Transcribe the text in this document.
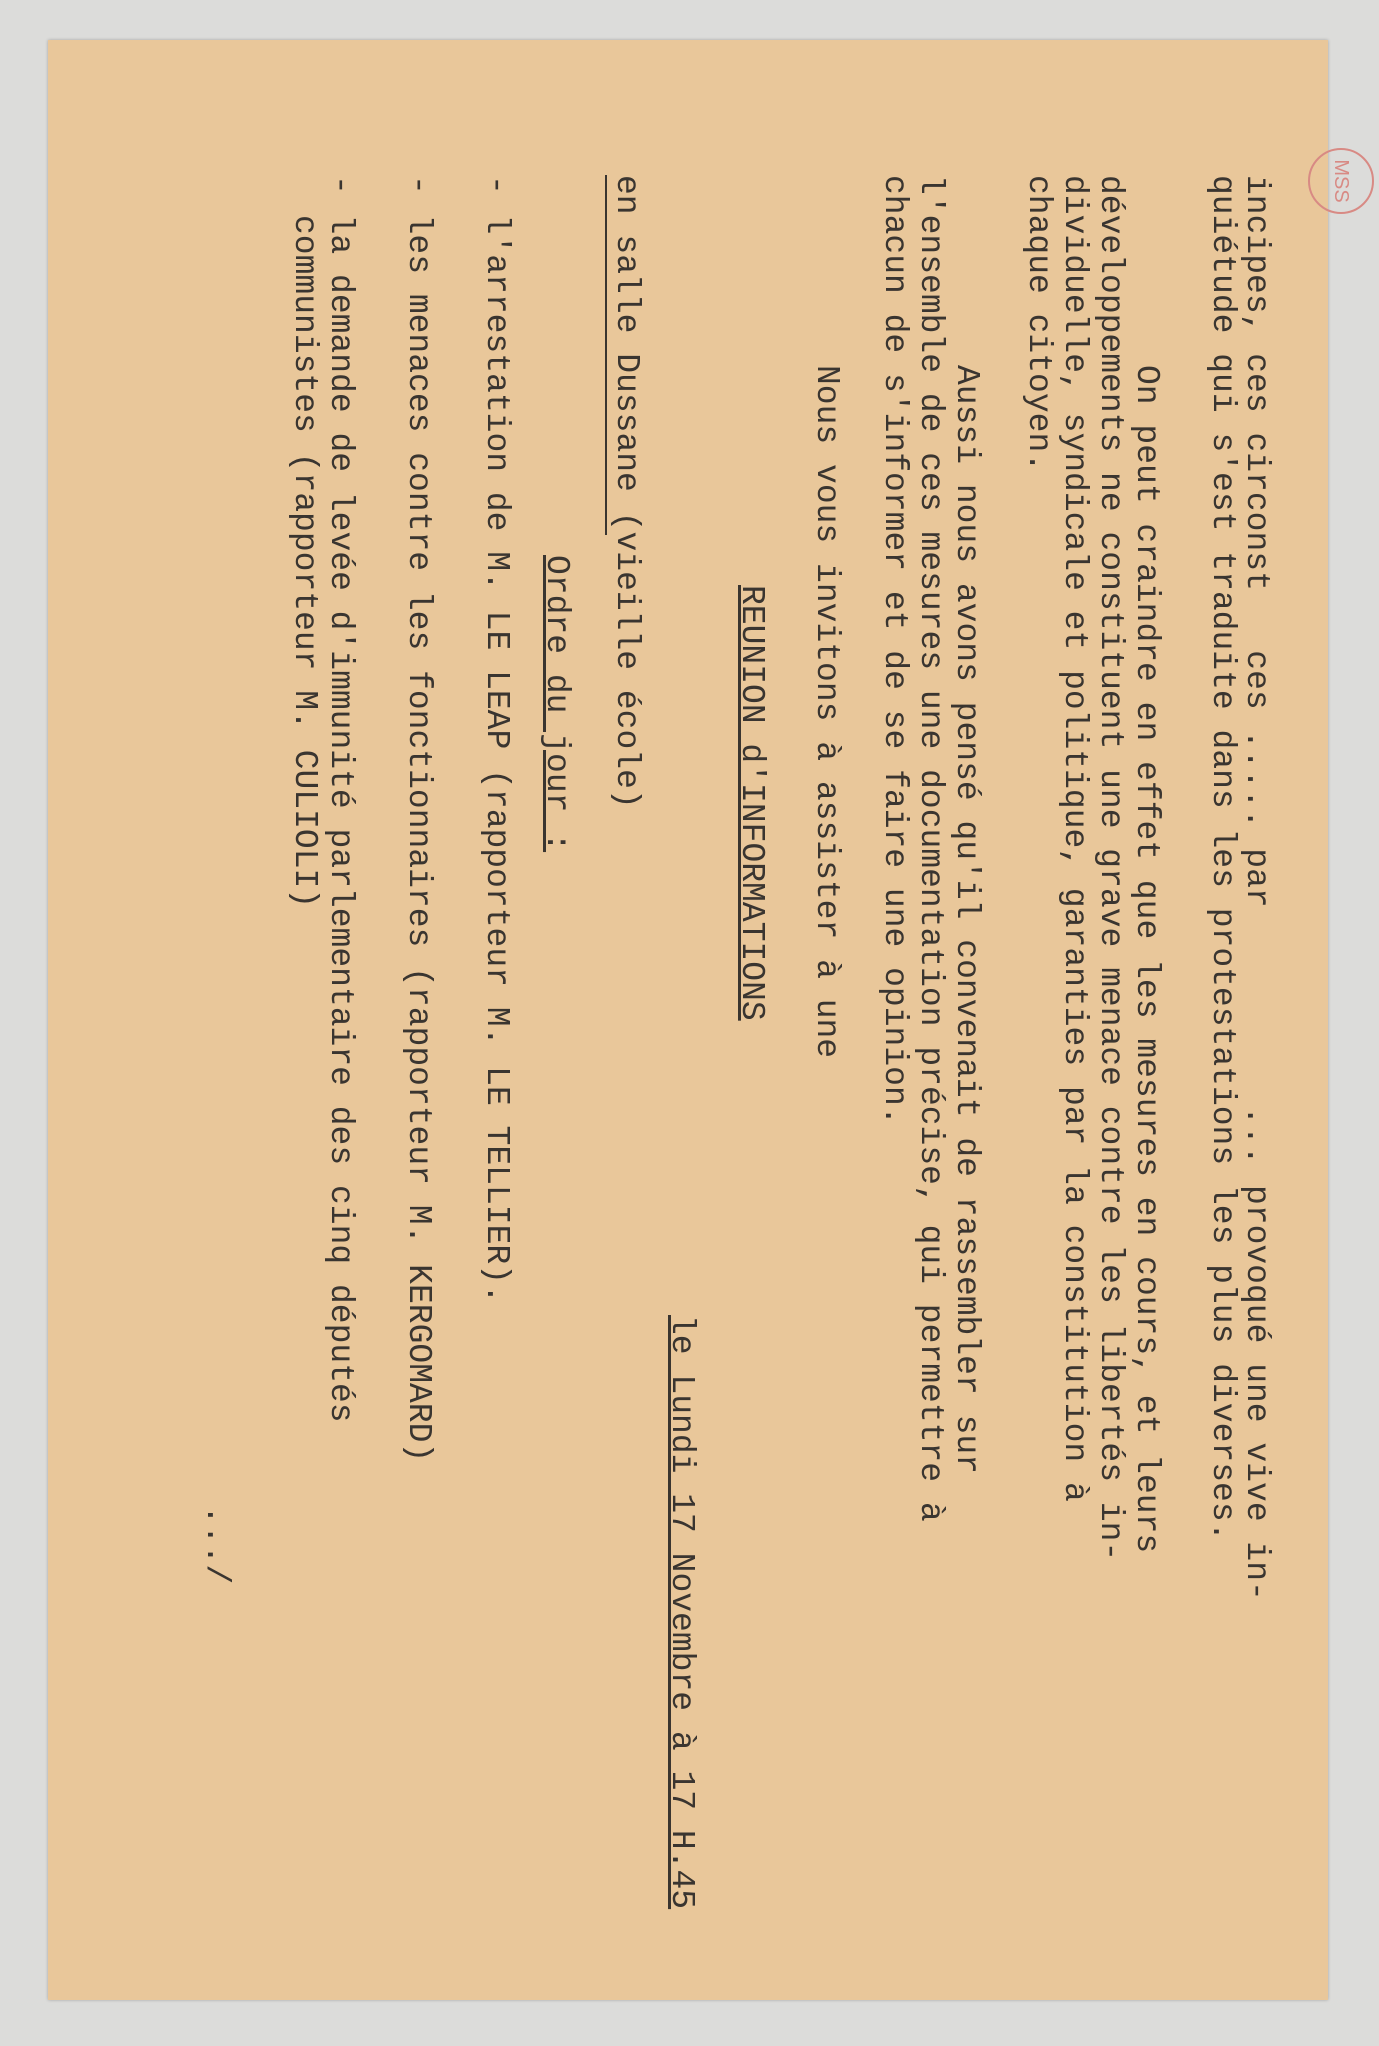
MSS
incipes, ces circonst   ces ..... par          ... provoqué une vive in-
quiétude qui s'est traduite dans les protestations les plus diverses.
On peut craindre en effet que les mesures en cours, et leurs
développements ne constituent une grave menace contre les libertés in-
dividuelle, syndicale et politique, garanties par la constitution à
chaque citoyen.
Aussi nous avons pensé qu'il convenait de rassembler sur
l'ensemble de ces mesures une documentation précise, qui permettre à
chacun de s'informer et de se faire une opinion.
Nous vous invitons à assister à une
REUNION d'INFORMATIONS
le Lundi 17 Novembre à 17 H.45
en salle Dussane (vieille école)
Ordre du jour :
- l'arrestation de M. LE LEAP (rapporteur M. LE TELLIER).
- les menaces contre les fonctionnaires (rapporteur M. KERGOMARD)
- la demande de levée d'immunité parlementaire des cinq députés
communistes (rapporteur M. CULIOLI)
.../
